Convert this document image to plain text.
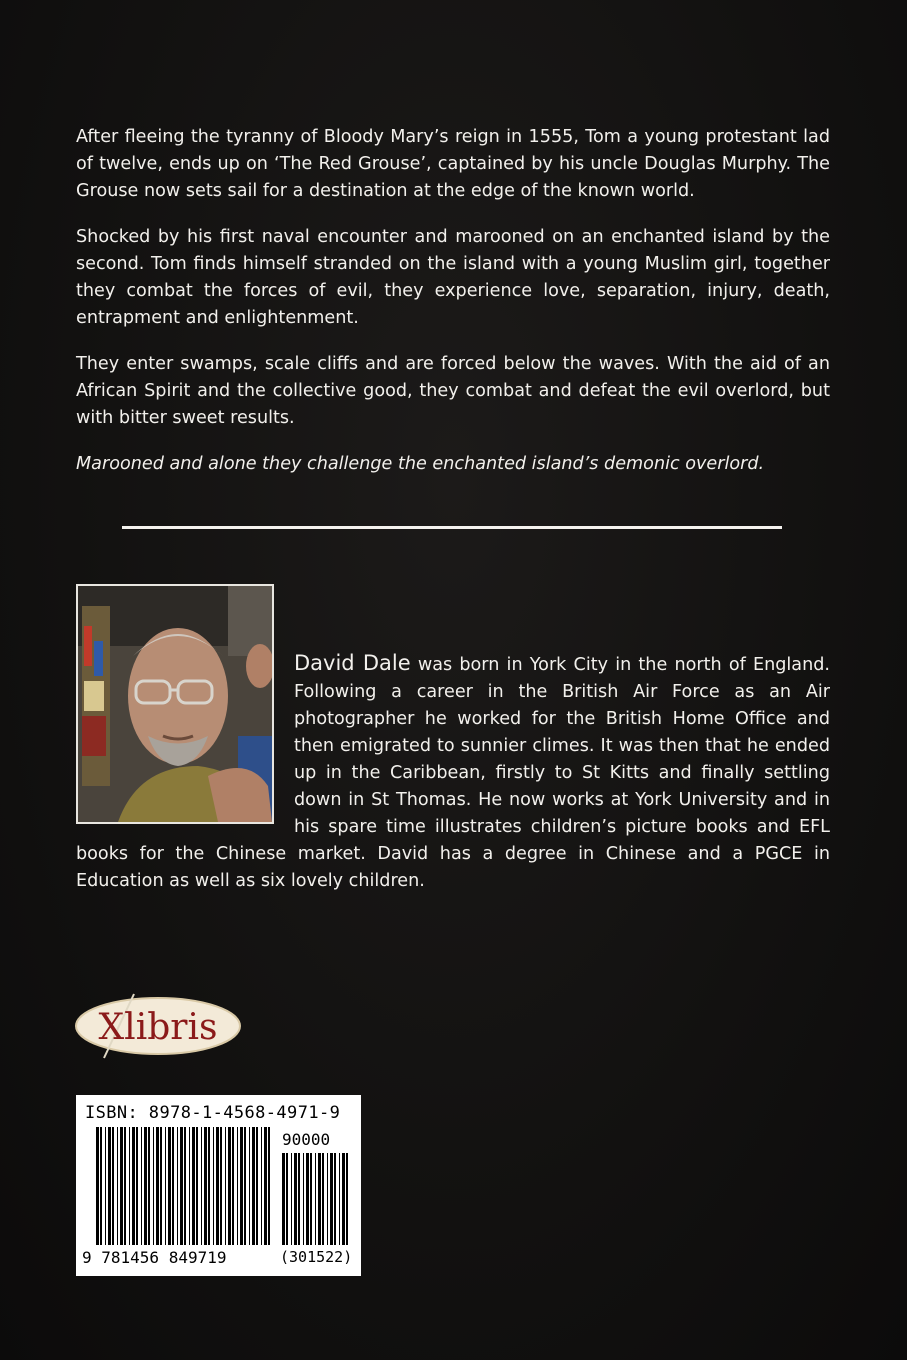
After fleeing the tyranny of Bloody Mary’s reign in 1555, Tom a young protestant lad of twelve, ends up on ‘The Red Grouse’, captained by his uncle Douglas Murphy. The Grouse now sets sail for a destination at the edge of the known world.

Shocked by his first naval encounter and marooned on an enchanted island by the second. Tom finds himself stranded on the island with a young Muslim girl, together they combat the forces of evil, they experience love, separation, injury, death, entrapment and enlightenment.

They enter swamps, scale cliffs and are forced below the waves. With the aid of an African Spirit and the collective good, they combat and defeat the evil overlord, but with bitter sweet results.

Marooned and alone they challenge the enchanted island’s demonic overlord.

David Dale was born in York City in the north of England. Following a career in the British Air Force as an Air photographer he worked for the British Home Office and then emigrated to sunnier climes. It was then that he ended up in the Caribbean, firstly to St Kitts and finally settling down in St Thomas. He now works at York University and in his spare time illustrates children’s picture books and EFL books for the Chinese market. David has a degree in Chinese and a PGCE in Education as well as six lovely children.

Xlibris
ISBN: 8978-1-4568-4971-9
90000
9 781456 849719	(301522)
